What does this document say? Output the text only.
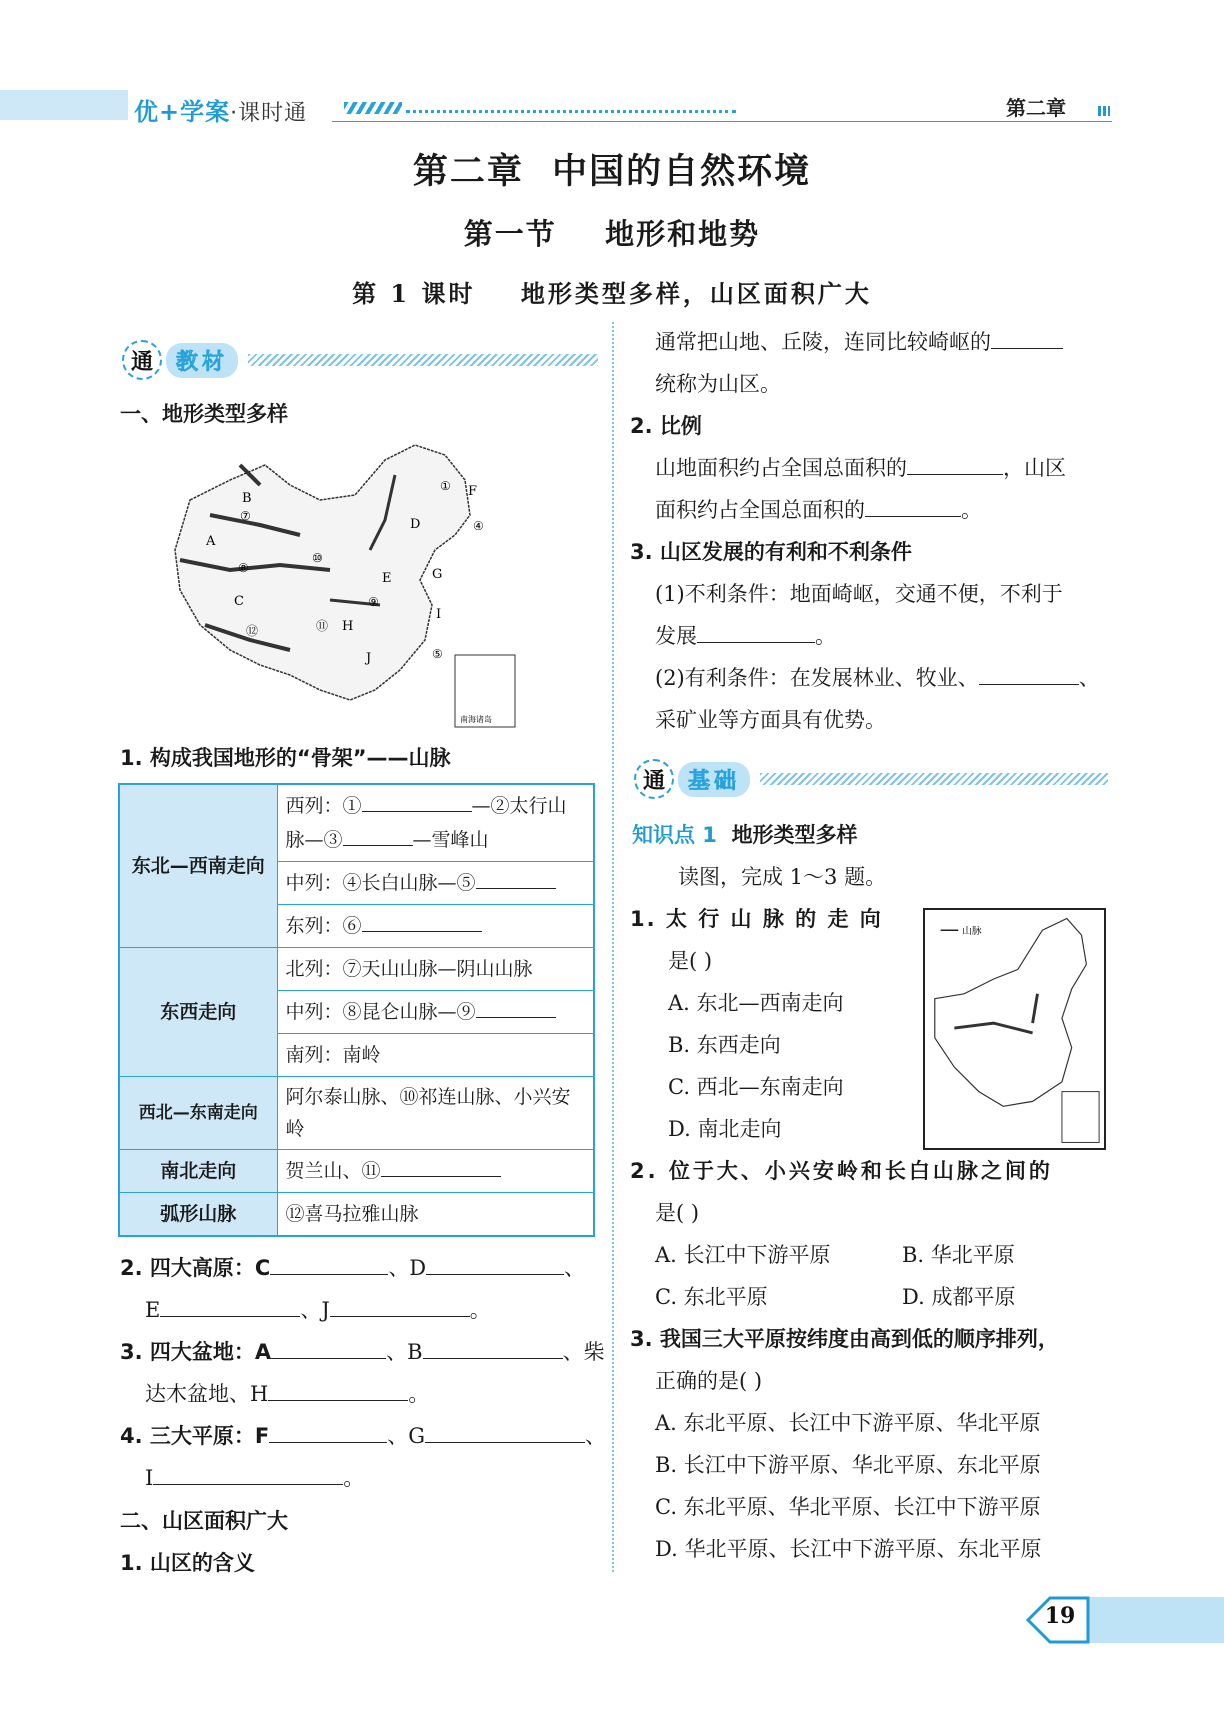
优+学案·课时通	第二章
第二章  中国的自然环境
第一节    地形和地势
第 1 课时    地形类型多样，山区面积广大
通	教材
一、地形类型多样
A
B
C
D
E
F
G
H
I
J
①
④
⑤
⑦
⑧
⑨
⑩
⑪
⑫
南海诸岛
1. 构成我国地形的“骨架”——山脉
东北—西南走向	西列：① —②太行山
脉—③ —雪峰山
	中列：④长白山脉—⑤
	东列：⑥
东西走向	北列：⑦天山山脉—阴山山脉
	中列：⑧昆仑山脉—⑨
	南列：南岭
西北—东南走向	阿尔泰山脉、⑩祁连山脉、小兴安岭
南北走向	贺兰山、⑪
弧形山脉	⑫喜马拉雅山脉
2. 四大高原：C	、D	、
E	、J	。
3. 四大盆地：A	、B	、柴
达木盆地、H	。
4. 三大平原：F	、G	、
I	。
二、山区面积广大
1. 山区的含义
通常把山地、丘陵，连同比较崎岖的
统称为山区。
2. 比例
山地面积约占全国总面积的	，山区
面积约占全国总面积的	。
3. 山区发展的有利和不利条件
(1)不利条件：地面崎岖，交通不便，不利于
发展	。
(2)有利条件：在发展林业、牧业、	、
采矿业等方面具有优势。
通	基础
知识点 1 地形类型多样
读图，完成 1～3 题。
1. 太 行 山 脉 的 走 向
是( )
A. 东北—西南走向
B. 东西走向
C. 西北—东南走向
D. 南北走向
山脉
2. 位于大、小兴安岭和长白山脉之间的
是( )
A. 长江中下游平原	B. 华北平原
C. 东北平原	D. 成都平原
3. 我国三大平原按纬度由高到低的顺序排列，
正确的是( )
A. 东北平原、长江中下游平原、华北平原
B. 长江中下游平原、华北平原、东北平原
C. 东北平原、华北平原、长江中下游平原
D. 华北平原、长江中下游平原、东北平原
19
